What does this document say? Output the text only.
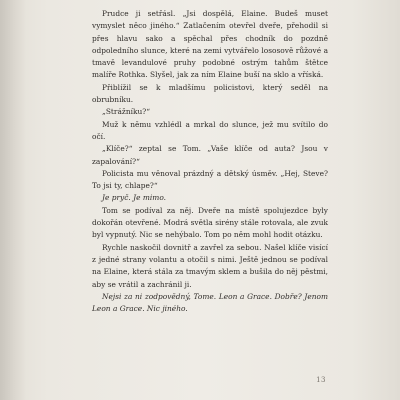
Prudce ji setřásl. „Jsi dospělá, Elaine. Budeš muset vymyslet něco jiného.“ Zatlačením otevřel dveře, přehodil si přes hlavu sako a spěchal přes chodník do pozdně odpoledního slunce, které na zemi vytvářelo lososově růžové a tmavě levandulové pruhy podobné ostrým tahům štětce malíře Rothka. Slyšel, jak za ním Elaine buší na sklo a vříská.

Přiblížil se k mladšímu policistovi, který seděl na obrubníku.

„Strážníku?“

Muž k němu vzhlédl a mrkal do slunce, jež mu svítilo do očí.

„Klíče?“ zeptal se Tom. „Vaše klíče od auta? Jsou v zapalování?“

Policista mu věnoval prázdný a dětský úsměv. „Hej, Steve? To jsi ty, chlape?“

Je pryč. Je mimo.

Tom se podíval za něj. Dveře na místě spolujezdce byly dokořán otevřené. Modrá světla sirény stále rotovala, ale zvuk byl vypnutý. Nic se nehýbalo. Tom po něm mohl hodit otázku.

Rychle naskočil dovnitř a zavřel za sebou. Našel klíče visící z jedné strany volantu a otočil s nimi. Ještě jednou se podíval na Elaine, která stála za tmavým sklem a bušila do něj pěstmi, aby se vrátil a zachránil ji.

Nejsi za ni zodpovědný, Tome. Leon a Grace. Dobře? Jenom Leon a Grace. Nic jiného.

13
